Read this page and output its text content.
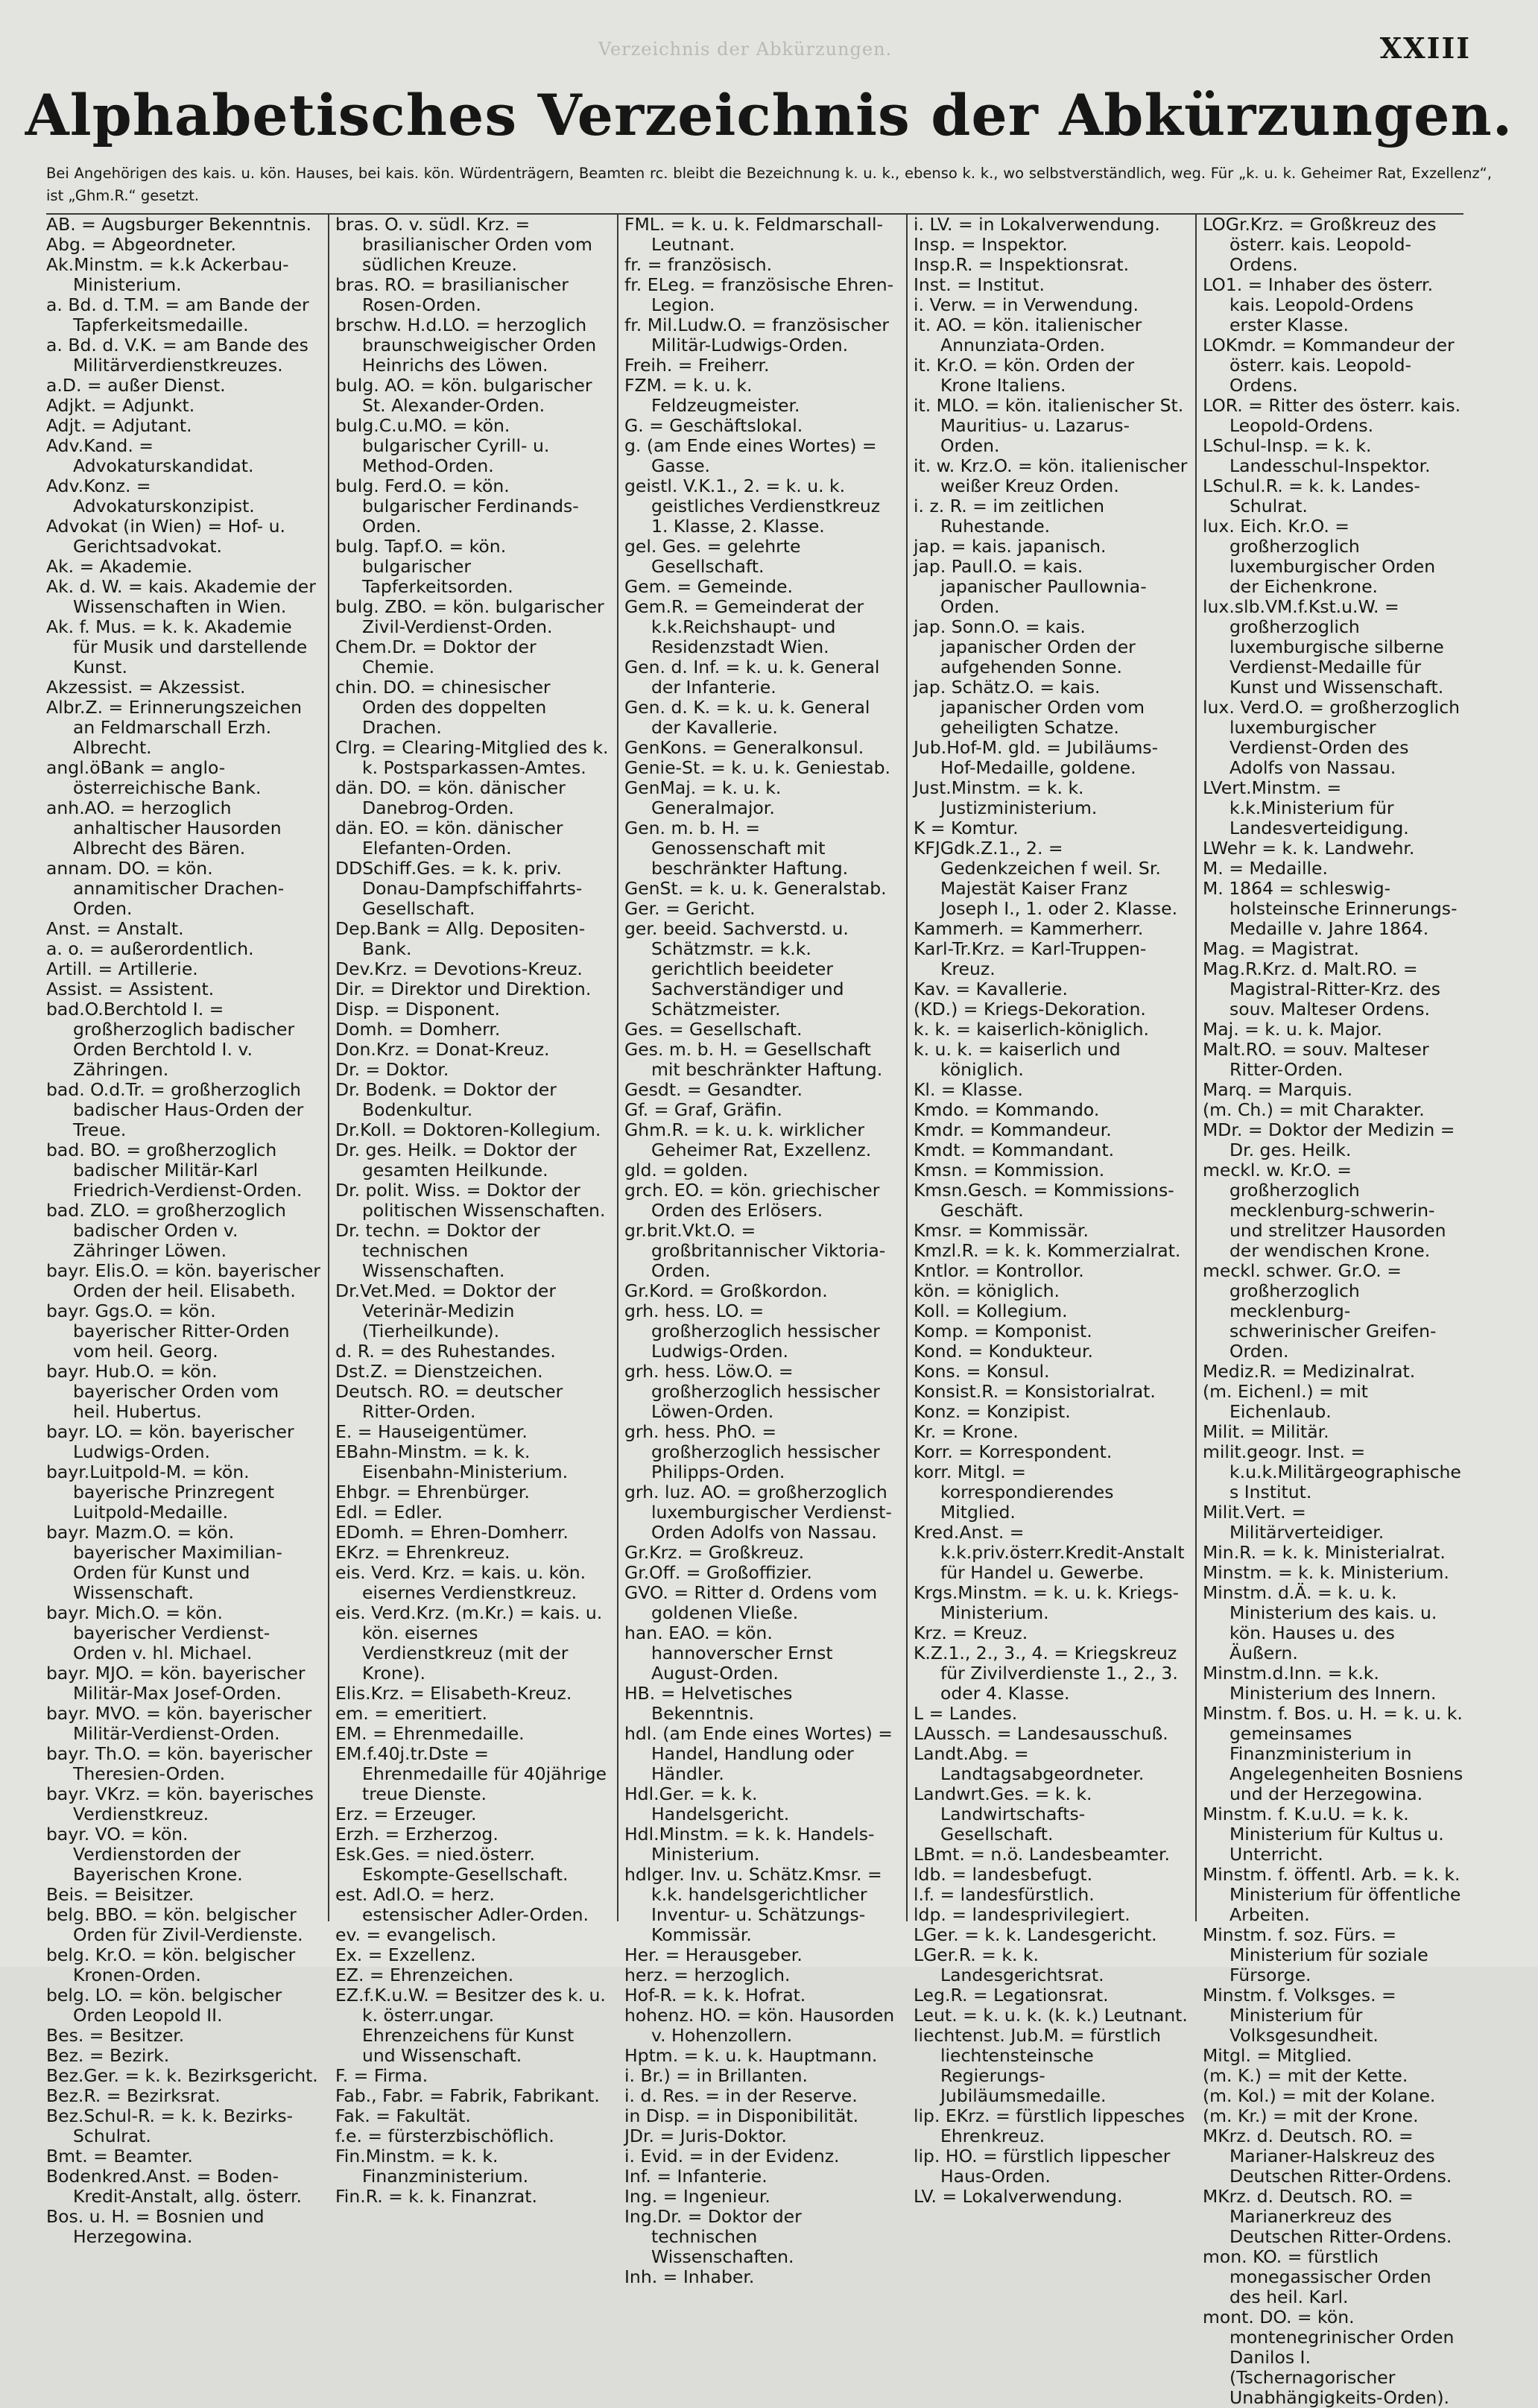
Verzeichnis der Abkürzungen.	XXIII
Alphabetisches Verzeichnis der Abkürzungen.
Bei Angehörigen des kais. u. kön. Hauses, bei kais. kön. Würdenträgern, Beamten rc. bleibt die Bezeichnung k. u. k., ebenso k. k., wo selbstverständlich, weg. Für „k. u. k. Geheimer Rat, Exzellenz“, ist „Ghm.R.“ gesetzt.

AB. = Augsburger Bekenntnis.

Abg. = Abgeordneter.

Ak.Minstm. = k.k Ackerbau-Ministerium.

a. Bd. d. T.M. = am Bande der Tapferkeitsmedaille.

a. Bd. d. V.K. = am Bande des Militärverdienstkreuzes.

a.D. = außer Dienst.

Adjkt. = Adjunkt.

Adjt. = Adjutant.

Adv.Kand. = Advokaturskandidat.

Adv.Konz. = Advokaturskonzipist.

Advokat (in Wien) = Hof- u. Gerichtsadvokat.

Ak. = Akademie.

Ak. d. W. = kais. Akademie der Wissenschaften in Wien.

Ak. f. Mus. = k. k. Akademie für Musik und darstellende Kunst.

Akzessist. = Akzessist.

Albr.Z. = Erinnerungszeichen an Feldmarschall Erzh. Albrecht.

angl.öBank = anglo-österreichische Bank.

anh.AO. = herzoglich anhaltischer Hausorden Albrecht des Bären.

annam. DO. = kön. annamitischer Drachen-Orden.

Anst. = Anstalt.

a. o. = außerordentlich.

Artill. = Artillerie.

Assist. = Assistent.

bad.O.Berchtold I. = großherzoglich badischer Orden Berchtold I. v. Zähringen.

bad. O.d.Tr. = großherzoglich badischer Haus-Orden der Treue.

bad. BO. = großherzoglich badischer Militär-Karl Friedrich-Verdienst-Orden.

bad. ZLO. = großherzoglich badischer Orden v. Zähringer Löwen.

bayr. Elis.O. = kön. bayerischer Orden der heil. Elisabeth.

bayr. Ggs.O. = kön. bayerischer Ritter-Orden vom heil. Georg.

bayr. Hub.O. = kön. bayerischer Orden vom heil. Hubertus.

bayr. LO. = kön. bayerischer Ludwigs-Orden.

bayr.Luitpold-M. = kön. bayerische Prinzregent Luitpold-Medaille.

bayr. Mazm.O. = kön. bayerischer Maximilian-Orden für Kunst und Wissenschaft.

bayr. Mich.O. = kön. bayerischer Verdienst-Orden v. hl. Michael.

bayr. MJO. = kön. bayerischer Militär-Max Josef-Orden.

bayr. MVO. = kön. bayerischer Militär-Verdienst-Orden.

bayr. Th.O. = kön. bayerischer Theresien-Orden.

bayr. VKrz. = kön. bayerisches Verdienstkreuz.

bayr. VO. = kön. Verdienstorden der Bayerischen Krone.

Beis. = Beisitzer.

belg. BBO. = kön. belgischer Orden für Zivil-Verdienste.

belg. Kr.O. = kön. belgischer Kronen-Orden.

belg. LO. = kön. belgischer Orden Leopold II.

Bes. = Besitzer.

Bez. = Bezirk.

Bez.Ger. = k. k. Bezirksgericht.

Bez.R. = Bezirksrat.

Bez.Schul-R. = k. k. Bezirks-Schulrat.

Bmt. = Beamter.

Bodenkred.Anst. = Boden-Kredit-Anstalt, allg. österr.

Bos. u. H. = Bosnien und Herzegowina.

bras. O. v. südl. Krz. = brasilianischer Orden vom südlichen Kreuze.

bras. RO. = brasilianischer Rosen-Orden.

brschw. H.d.LO. = herzoglich braunschweigischer Orden Heinrichs des Löwen.

bulg. AO. = kön. bulgarischer St. Alexander-Orden.

bulg.C.u.MO. = kön. bulgarischer Cyrill- u. Method-Orden.

bulg. Ferd.O. = kön. bulgarischer Ferdinands-Orden.

bulg. Tapf.O. = kön. bulgarischer Tapferkeitsorden.

bulg. ZBO. = kön. bulgarischer Zivil-Verdienst-Orden.

Chem.Dr. = Doktor der Chemie.

chin. DO. = chinesischer Orden des doppelten Drachen.

Clrg. = Clearing-Mitglied des k. k. Postsparkassen-Amtes.

dän. DO. = kön. dänischer Danebrog-Orden.

dän. EO. = kön. dänischer Elefanten-Orden.

DDSchiff.Ges. = k. k. priv. Donau-Dampfschiffahrts-Gesellschaft.

Dep.Bank = Allg. Depositen-Bank.

Dev.Krz. = Devotions-Kreuz.

Dir. = Direktor und Direktion.

Disp. = Disponent.

Domh. = Domherr.

Don.Krz. = Donat-Kreuz.

Dr. = Doktor.

Dr. Bodenk. = Doktor der Bodenkultur.

Dr.Koll. = Doktoren-Kollegium.

Dr. ges. Heilk. = Doktor der gesamten Heilkunde.

Dr. polit. Wiss. = Doktor der politischen Wissenschaften.

Dr. techn. = Doktor der technischen Wissenschaften.

Dr.Vet.Med. = Doktor der Veterinär-Medizin (Tierheilkunde).

d. R. = des Ruhestandes.

Dst.Z. = Dienstzeichen.

Deutsch. RO. = deutscher Ritter-Orden.

E. = Hauseigentümer.

EBahn-Minstm. = k. k. Eisenbahn-Ministerium.

Ehbgr. = Ehrenbürger.

Edl. = Edler.

EDomh. = Ehren-Domherr.

EKrz. = Ehrenkreuz.

eis. Verd. Krz. = kais. u. kön. eisernes Verdienstkreuz.

eis. Verd.Krz. (m.Kr.) = kais. u. kön. eisernes Verdienstkreuz (mit der Krone).

Elis.Krz. = Elisabeth-Kreuz.

em. = emeritiert.

EM. = Ehrenmedaille.

EM.f.40j.tr.Dste = Ehrenmedaille für 40jährige treue Dienste.

Erz. = Erzeuger.

Erzh. = Erzherzog.

Esk.Ges. = nied.österr. Eskompte-Gesellschaft.

est. Adl.O. = herz. estensischer Adler-Orden.

ev. = evangelisch.

Ex. = Exzellenz.

EZ. = Ehrenzeichen.

EZ.f.K.u.W. = Besitzer des k. u. k. österr.ungar. Ehrenzeichens für Kunst und Wissenschaft.

F. = Firma.

Fab., Fabr. = Fabrik, Fabrikant.

Fak. = Fakultät.

f.e. = fürsterzbischöflich.

Fin.Minstm. = k. k. Finanzministerium.

Fin.R. = k. k. Finanzrat.

FML. = k. u. k. Feldmarschall-Leutnant.

fr. = französisch.

fr. ELeg. = französische Ehren-Legion.

fr. Mil.Ludw.O. = französischer Militär-Ludwigs-Orden.

Freih. = Freiherr.

FZM. = k. u. k. Feldzeugmeister.

G. = Geschäftslokal.

g. (am Ende eines Wortes) = Gasse.

geistl. V.K.1., 2. = k. u. k. geistliches Verdienstkreuz 1. Klasse, 2. Klasse.

gel. Ges. = gelehrte Gesellschaft.

Gem. = Gemeinde.

Gem.R. = Gemeinderat der k.k.Reichshaupt- und Residenzstadt Wien.

Gen. d. Inf. = k. u. k. General der Infanterie.

Gen. d. K. = k. u. k. General der Kavallerie.

GenKons. = Generalkonsul.

Genie-St. = k. u. k. Geniestab.

GenMaj. = k. u. k. Generalmajor.

Gen. m. b. H. = Genossenschaft mit beschränkter Haftung.

GenSt. = k. u. k. Generalstab.

Ger. = Gericht.

ger. beeid. Sachverstd. u. Schätzmstr. = k.k. gerichtlich beeideter Sachverständiger und Schätzmeister.

Ges. = Gesellschaft.

Ges. m. b. H. = Gesellschaft mit beschränkter Haftung.

Gesdt. = Gesandter.

Gf. = Graf, Gräfin.

Ghm.R. = k. u. k. wirklicher Geheimer Rat, Exzellenz.

gld. = golden.

grch. EO. = kön. griechischer Orden des Erlösers.

gr.brit.Vkt.O. = großbritannischer Viktoria-Orden.

Gr.Kord. = Großkordon.

grh. hess. LO. = großherzoglich hessischer Ludwigs-Orden.

grh. hess. Löw.O. = großherzoglich hessischer Löwen-Orden.

grh. hess. PhO. = großherzoglich hessischer Philipps-Orden.

grh. luz. AO. = großherzoglich luxemburgischer Verdienst-Orden Adolfs von Nassau.

Gr.Krz. = Großkreuz.

Gr.Off. = Großoffizier.

GVO. = Ritter d. Ordens vom goldenen Vließe.

han. EAO. = kön. hannoverscher Ernst August-Orden.

HB. = Helvetisches Bekenntnis.

hdl. (am Ende eines Wortes) = Handel, Handlung oder Händler.

Hdl.Ger. = k. k. Handelsgericht.

Hdl.Minstm. = k. k. Handels-Ministerium.

hdlger. Inv. u. Schätz.Kmsr. = k.k. handelsgerichtlicher Inventur- u. Schätzungs-Kommissär.

Her. = Herausgeber.

herz. = herzoglich.

Hof-R. = k. k. Hofrat.

hohenz. HO. = kön. Hausorden v. Hohenzollern.

Hptm. = k. u. k. Hauptmann.

i. Br.) = in Brillanten.

i. d. Res. = in der Reserve.

in Disp. = in Disponibilität.

JDr. = Juris-Doktor.

i. Evid. = in der Evidenz.

Inf. = Infanterie.

Ing. = Ingenieur.

Ing.Dr. = Doktor der technischen Wissenschaften.

Inh. = Inhaber.

i. LV. = in Lokalverwendung.

Insp. = Inspektor.

Insp.R. = Inspektionsrat.

Inst. = Institut.

i. Verw. = in Verwendung.

it. AO. = kön. italienischer Annunziata-Orden.

it. Kr.O. = kön. Orden der Krone Italiens.

it. MLO. = kön. italienischer St. Mauritius- u. Lazarus-Orden.

it. w. Krz.O. = kön. italienischer weißer Kreuz Orden.

i. z. R. = im zeitlichen Ruhestande.

jap. = kais. japanisch.

jap. Paull.O. = kais. japanischer Paullownia-Orden.

jap. Sonn.O. = kais. japanischer Orden der aufgehenden Sonne.

jap. Schätz.O. = kais. japanischer Orden vom geheiligten Schatze.

Jub.Hof-M. gld. = Jubiläums-Hof-Medaille, goldene.

Just.Minstm. = k. k. Justizministerium.

K = Komtur.

KFJGdk.Z.1., 2. = Gedenkzeichen f weil. Sr. Majestät Kaiser Franz Joseph I., 1. oder 2. Klasse.

Kammerh. = Kammerherr.

Karl-Tr.Krz. = Karl-Truppen-Kreuz.

Kav. = Kavallerie.

(KD.) = Kriegs-Dekoration.

k. k. = kaiserlich-königlich.

k. u. k. = kaiserlich und königlich.

Kl. = Klasse.

Kmdo. = Kommando.

Kmdr. = Kommandeur.

Kmdt. = Kommandant.

Kmsn. = Kommission.

Kmsn.Gesch. = Kommissions-Geschäft.

Kmsr. = Kommissär.

Kmzl.R. = k. k. Kommerzialrat.

Kntlor. = Kontrollor.

kön. = königlich.

Koll. = Kollegium.

Komp. = Komponist.

Kond. = Kondukteur.

Kons. = Konsul.

Konsist.R. = Konsistorialrat.

Konz. = Konzipist.

Kr. = Krone.

Korr. = Korrespondent.

korr. Mitgl. = korrespondierendes Mitglied.

Kred.Anst. = k.k.priv.österr.Kredit-Anstalt für Handel u. Gewerbe.

Krgs.Minstm. = k. u. k. Kriegs-Ministerium.

Krz. = Kreuz.

K.Z.1., 2., 3., 4. = Kriegskreuz für Zivilverdienste 1., 2., 3. oder 4. Klasse.

L = Landes.

LAussch. = Landesausschuß.

Landt.Abg. = Landtagsabgeordneter.

Landwrt.Ges. = k. k. Landwirtschafts-Gesellschaft.

LBmt. = n.ö. Landesbeamter.

ldb. = landesbefugt.

l.f. = landesfürstlich.

ldp. = landesprivilegiert.

LGer. = k. k. Landesgericht.

LGer.R. = k. k. Landesgerichtsrat.

Leg.R. = Legationsrat.

Leut. = k. u. k. (k. k.) Leutnant.

liechtenst. Jub.M. = fürstlich liechtensteinsche Regierungs-Jubiläumsmedaille.

lip. EKrz. = fürstlich lippesches Ehrenkreuz.

lip. HO. = fürstlich lippescher Haus-Orden.

LV. = Lokalverwendung.

LOGr.Krz. = Großkreuz des österr. kais. Leopold-Ordens.

LO1. = Inhaber des österr. kais. Leopold-Ordens erster Klasse.

LOKmdr. = Kommandeur der österr. kais. Leopold-Ordens.

LOR. = Ritter des österr. kais. Leopold-Ordens.

LSchul-Insp. = k. k. Landesschul-Inspektor.

LSchul.R. = k. k. Landes-Schulrat.

lux. Eich. Kr.O. = großherzoglich luxemburgischer Orden der Eichenkrone.

lux.slb.VM.f.Kst.u.W. = großherzoglich luxemburgische silberne Verdienst-Medaille für Kunst und Wissenschaft.

lux. Verd.O. = großherzoglich luxemburgischer Verdienst-Orden des Adolfs von Nassau.

LVert.Minstm. = k.k.Ministerium für Landesverteidigung.

LWehr = k. k. Landwehr.

M. = Medaille.

M. 1864 = schleswig-holsteinsche Erinnerungs-Medaille v. Jahre 1864.

Mag. = Magistrat.

Mag.R.Krz. d. Malt.RO. = Magistral-Ritter-Krz. des souv. Malteser Ordens.

Maj. = k. u. k. Major.

Malt.RO. = souv. Malteser Ritter-Orden.

Marq. = Marquis.

(m. Ch.) = mit Charakter.

MDr. = Doktor der Medizin = Dr. ges. Heilk.

meckl. w. Kr.O. = großherzoglich mecklenburg-schwerin- und strelitzer Hausorden der wendischen Krone.

meckl. schwer. Gr.O. = großherzoglich mecklenburg-schwerinischer Greifen-Orden.

Mediz.R. = Medizinalrat.

(m. Eichenl.) = mit Eichenlaub.

Milit. = Militär.

milit.geogr. Inst. = k.u.k.Militärgeographisches Institut.

Milit.Vert. = Militärverteidiger.

Min.R. = k. k. Ministerialrat.

Minstm. = k. k. Ministerium.

Minstm. d.Ä. = k. u. k. Ministerium des kais. u. kön. Hauses u. des Äußern.

Minstm.d.Inn. = k.k. Ministerium des Innern.

Minstm. f. Bos. u. H. = k. u. k. gemeinsames Finanzministerium in Angelegenheiten Bosniens und der Herzegowina.

Minstm. f. K.u.U. = k. k. Ministerium für Kultus u. Unterricht.

Minstm. f. öffentl. Arb. = k. k. Ministerium für öffentliche Arbeiten.

Minstm. f. soz. Fürs. = Ministerium für soziale Fürsorge.

Minstm. f. Volksges. = Ministerium für Volksgesundheit.

Mitgl. = Mitglied.

(m. K.) = mit der Kette.

(m. Kol.) = mit der Kolane.

(m. Kr.) = mit der Krone.

MKrz. d. Deutsch. RO. = Marianer-Halskreuz des Deutschen Ritter-Ordens.

MKrz. d. Deutsch. RO. = Marianerkreuz des Deutschen Ritter-Ordens.

mon. KO. = fürstlich monegassischer Orden des heil. Karl.

mont. DO. = kön. montenegrinischer Orden Danilos I. (Tschernagorischer Unabhängigkeits-Orden).
